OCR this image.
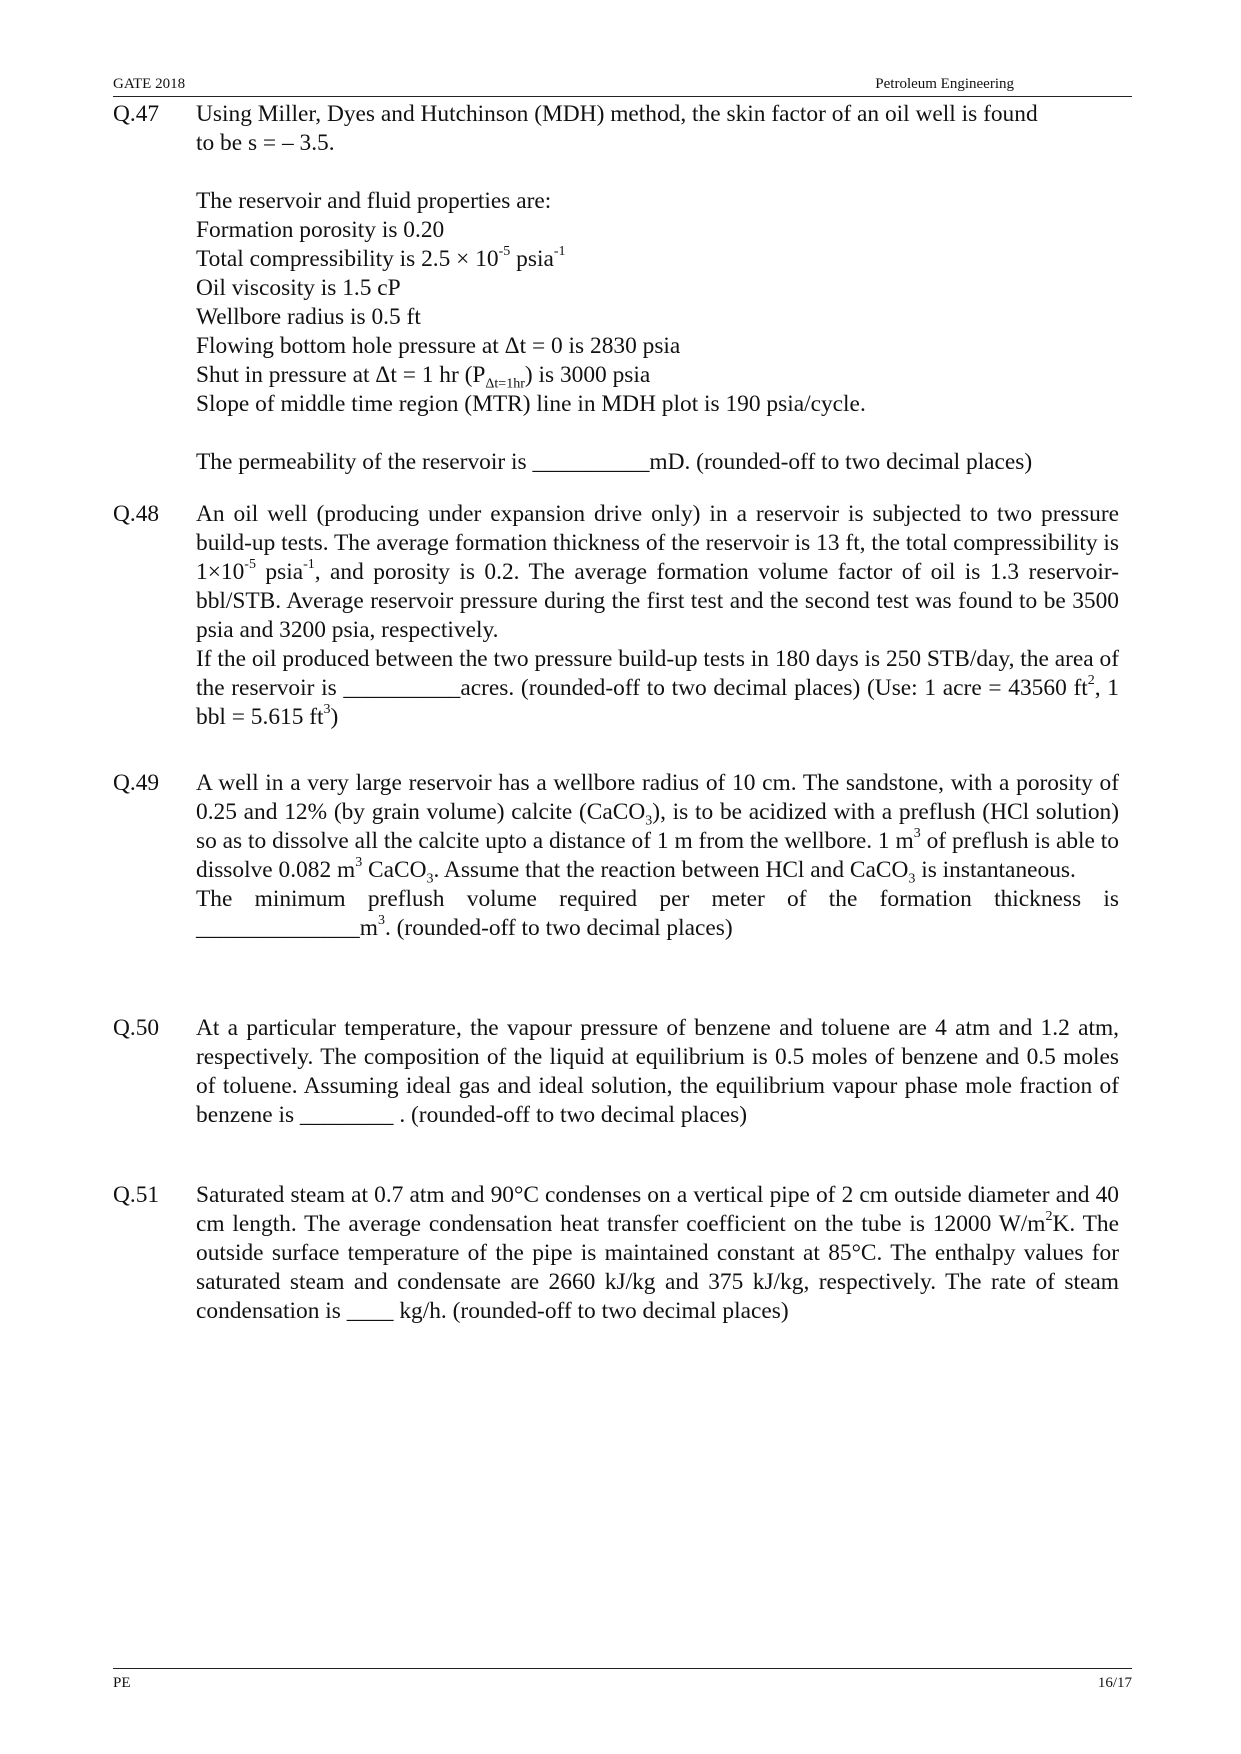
GATE 2018	Petroleum Engineering
Q.47 Using Miller, Dyes and Hutchinson (MDH) method, the skin factor of an oil well is found

to be s = – 3.5.

The reservoir and fluid properties are:

Formation porosity is 0.20

Total compressibility is $2.5 \times 10^{-5}$ psia$^{-1}$

Oil viscosity is 1.5 cP

Wellbore radius is 0.5 ft

Flowing bottom hole pressure at Δt = 0 is 2830 psia

Shut in pressure at Δt = 1 hr $(P_{\Delta t=1hr})$ is 3000 psia

Slope of middle time region (MTR) line in MDH plot is 190 psia/cycle.

The permeability of the reservoir is __________mD. (rounded-off to two decimal places)

Q.48 An oil well (producing under expansion drive only) in a reservoir is subjected to two pressure build-up tests. The average formation thickness of the reservoir is 13 ft, the total compressibility is $1\times 10^{-5}$ psia$^{-1}$, and porosity is 0.2. The average formation volume factor of oil is 1.3 reservoir-bbl/STB. Average reservoir pressure during the first test and the second test was found to be 3500 psia and 3200 psia, respectively.

If the oil produced between the two pressure build-up tests in 180 days is 250 STB/day, the area of the reservoir is __________acres. (rounded-off to two decimal places) (Use: 1 acre = 43560 $ft^2$, 1 bbl = 5.615 $ft^3$)

Q.49 A well in a very large reservoir has a wellbore radius of 10 cm. The sandstone, with a porosity of 0.25 and 12% (by grain volume) calcite (CaCO$_3$), is to be acidized with a preflush (HCl solution) so as to dissolve all the calcite upto a distance of 1 m from the wellbore. 1 $m^3$ of preflush is able to dissolve 0.082 $m^3$ CaCO$_3$. Assume that the reaction between HCl and CaCO$_3$ is instantaneous.

The minimum preflush volume required per meter of the formation thickness is $\_\_\_\_\_\_\_\_\_\_\_\_\_\_m^3$. (rounded-off to two decimal places)

Q.50 At a particular temperature, the vapour pressure of benzene and toluene are 4 atm and 1.2 atm, respectively. The composition of the liquid at equilibrium is 0.5 moles of benzene and 0.5 moles of toluene. Assuming ideal gas and ideal solution, the equilibrium vapour phase mole fraction of benzene is ________ . (rounded-off to two decimal places)

Q.51 Saturated steam at 0.7 atm and 90°C condenses on a vertical pipe of 2 cm outside diameter and 40 cm length. The average condensation heat transfer coefficient on the tube is 12000 $W/m^2K$. The outside surface temperature of the pipe is maintained constant at 85°C. The enthalpy values for saturated steam and condensate are 2660 kJ/kg and 375 kJ/kg, respectively. The rate of steam condensation is ____ kg/h. (rounded-off to two decimal places)

PE	16/17
